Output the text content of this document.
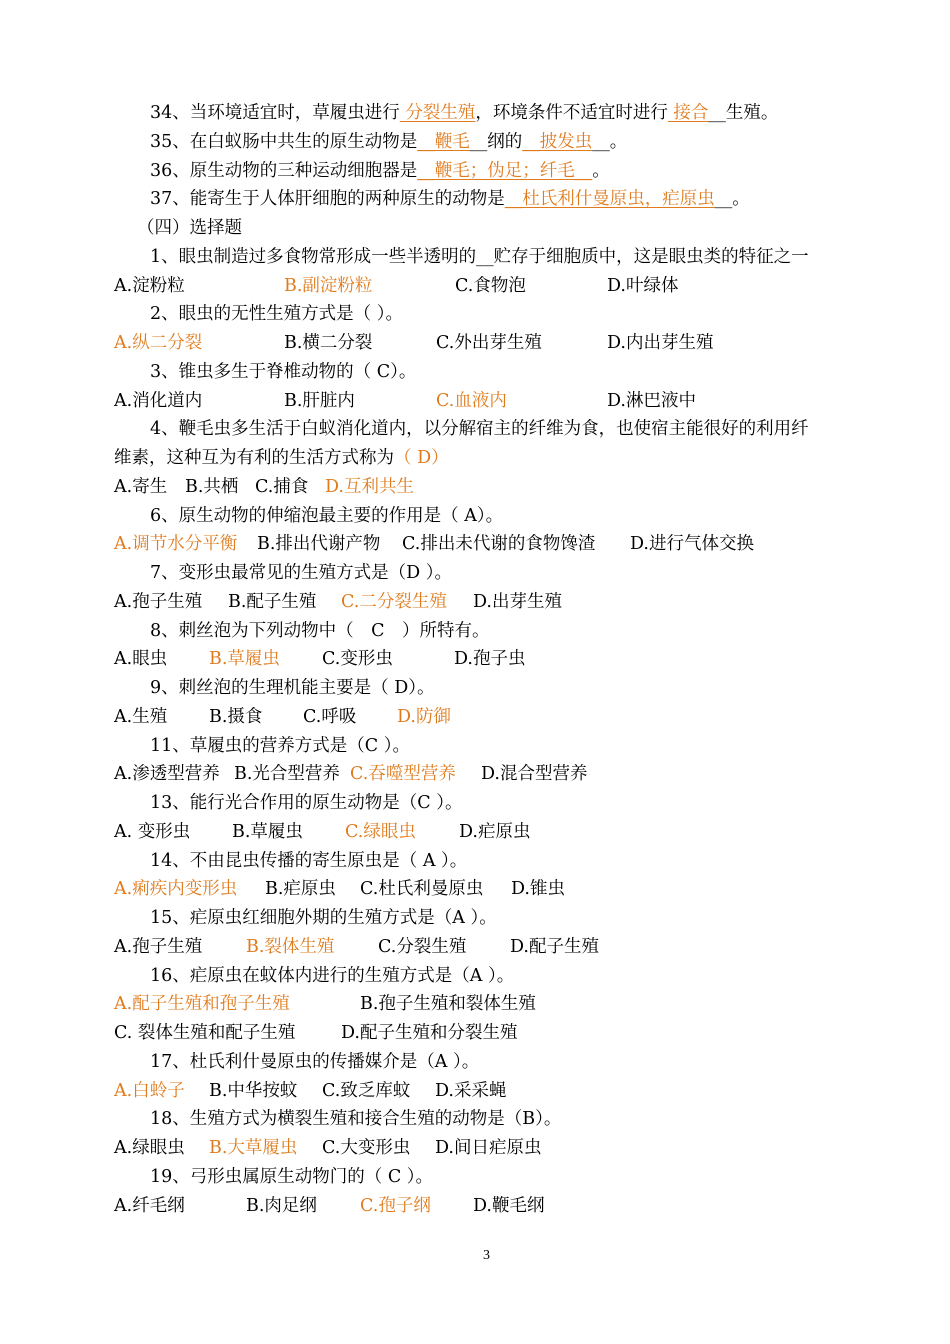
34、当环境适宜时，草履虫进行 分裂生殖，环境条件不适宜时进行 接合__生殖。
35、在白蚁肠中共生的原生动物是__鞭毛__纲的__披发虫__。
36、原生动物的三种运动细胞器是__鞭毛；伪足；纤毛__。
37、能寄生于人体肝细胞的两种原生的动物是__杜氏利什曼原虫，疟原虫__。
（四）选择题
1、眼虫制造过多食物常形成一些半透明的__贮存于细胞质中，这是眼虫类的特征之一
A.淀粉粒	B.副淀粉粒	C.食物泡	D.叶绿体
2、眼虫的无性生殖方式是（ ）。
A.纵二分裂	B.横二分裂	C.外出芽生殖	D.内出芽生殖
3、锥虫多生于脊椎动物的（ C）。
A.消化道内	B.肝脏内	C.血液内	D.淋巴液中
4、鞭毛虫多生活于白蚁消化道内，以分解宿主的纤维为食，也使宿主能很好的利用纤
维素，这种互为有利的生活方式称为（ D）
A.寄生 B.共栖 C.捕食 D.互利共生
6、原生动物的伸缩泡最主要的作用是（ A）。
A.调节水分平衡 B.排出代谢产物 C.排出未代谢的食物馋渣 D.进行气体交换
7、变形虫最常见的生殖方式是（D ）。
A.孢子生殖 B.配子生殖 C.二分裂生殖 D.出芽生殖
8、刺丝泡为下列动物中（　C　）所特有。
A.眼虫 B.草履虫 C.变形虫	D.孢子虫
9、刺丝泡的生理机能主要是（ D）。
A.生殖 B.摄食 C.呼吸 D.防御
11、草履虫的营养方式是（C ）。
A.渗透型营养 B.光合型营养 C.吞噬型营养 D.混合型营养
13、能行光合作用的原生动物是（C ）。
A. 变形虫 B.草履虫 C.绿眼虫 D.疟原虫
14、不由昆虫传播的寄生原虫是（ A ）。
A.痢疾内变形虫 B.疟原虫 C.杜氏利曼原虫 D.锥虫
15、疟原虫红细胞外期的生殖方式是（A ）。
A.孢子生殖	B.裂体生殖 C.分裂生殖 D.配子生殖
16、疟原虫在蚊体内进行的生殖方式是（A ）。
A.配子生殖和孢子生殖	B.孢子生殖和裂体生殖
C. 裂体生殖和配子生殖	D.配子生殖和分裂生殖
17、杜氏利什曼原虫的传播媒介是（A ）。
A.白蛉子 B.中华按蚊 C.致乏库蚊 D.采采蝇
18、生殖方式为横裂生殖和接合生殖的动物是（B）。
A.绿眼虫 B.大草履虫 C.大变形虫 D.间日疟原虫
19、弓形虫属原生动物门的（ C ）。
A.纤毛纲	B.肉足纲 C.孢子纲 D.鞭毛纲
3
